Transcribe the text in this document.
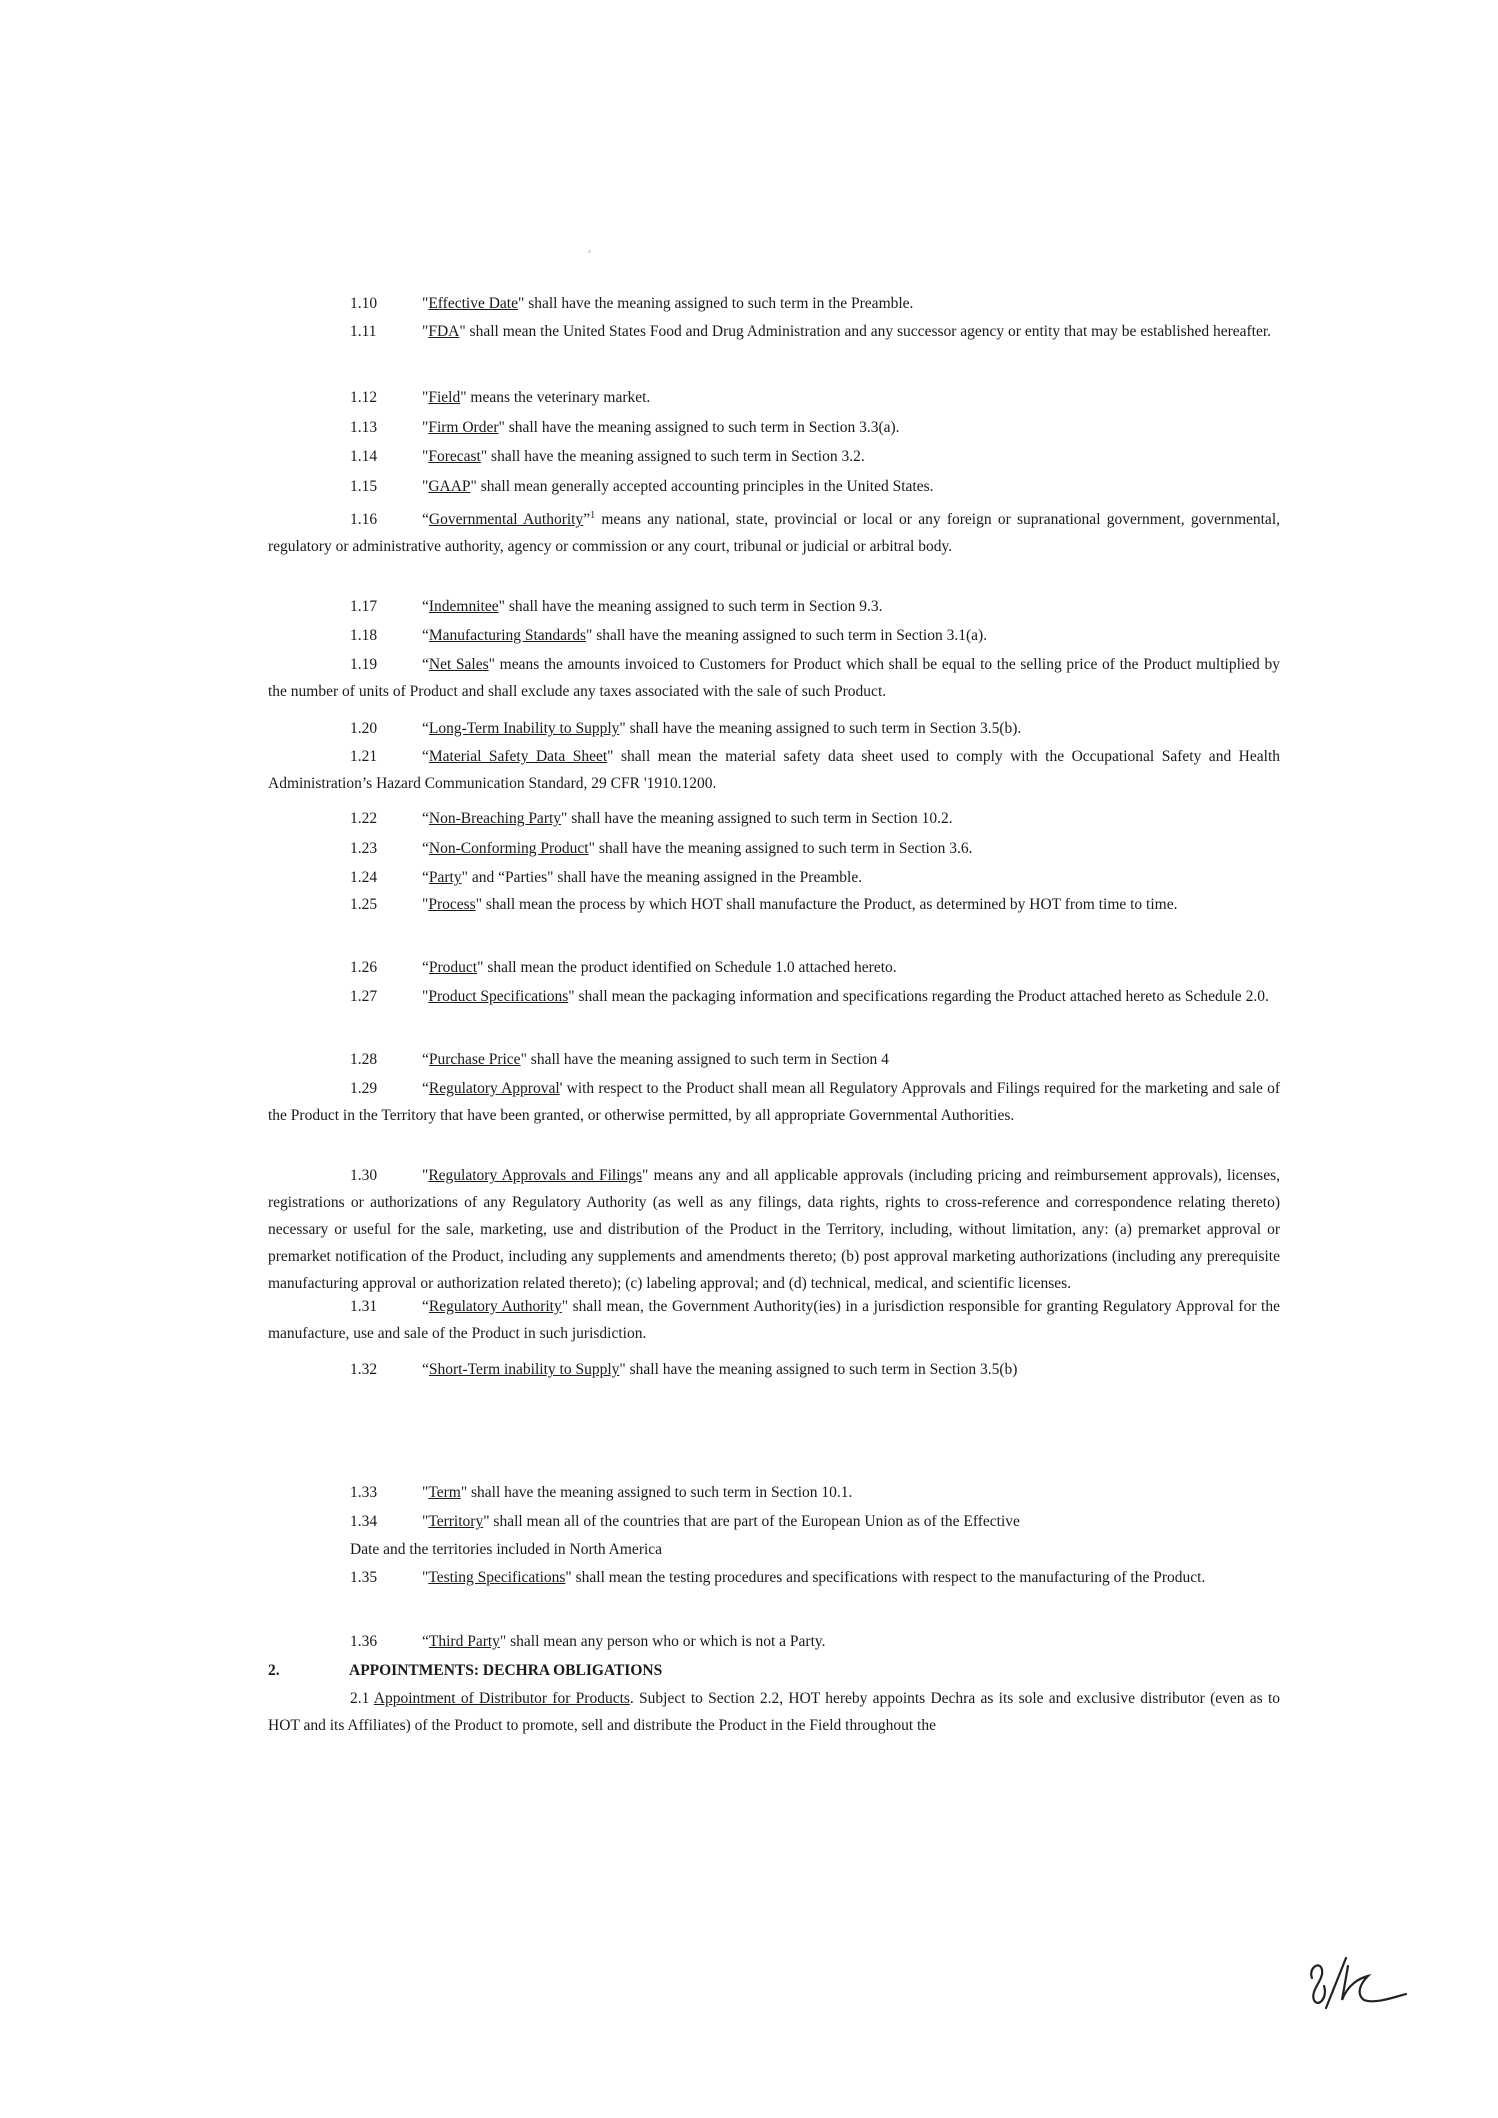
1.10	"Effective Date" shall have the meaning assigned to such term in the Preamble.
1.11	"FDA" shall mean the United States Food and Drug Administration and any successor agency or entity that may be established hereafter.
1.12	"Field" means the veterinary market.
1.13	"Firm Order" shall have the meaning assigned to such term in Section 3.3(a).
1.14	"Forecast" shall have the meaning assigned to such term in Section 3.2.
1.15	"GAAP" shall mean generally accepted accounting principles in the United States.
1.16	“Governmental Authority”$^1$ means any national, state, provincial or local or any foreign or supranational government, governmental, regulatory or administrative authority, agency or commission or any court, tribunal or judicial or arbitral body.
1.17	“Indemnitee" shall have the meaning assigned to such term in Section 9.3.
1.18	“Manufacturing Standards" shall have the meaning assigned to such term in Section 3.1(a).
1.19	“Net Sales" means the amounts invoiced to Customers for Product which shall be equal to the selling price of the Product multiplied by the number of units of Product and shall exclude any taxes associated with the sale of such Product.
1.20	“Long-Term Inability to Supply" shall have the meaning assigned to such term in Section 3.5(b).
1.21	“Material Safety Data Sheet" shall mean the material safety data sheet used to comply with the Occupational Safety and Health Administration’s Hazard Communication Standard, 29 CFR '1910.1200.
1.22	“Non-Breaching Party" shall have the meaning assigned to such term in Section 10.2.
1.23	“Non-Conforming Product" shall have the meaning assigned to such term in Section 3.6.
1.24	“Party" and “Parties" shall have the meaning assigned in the Preamble.
1.25	"Process" shall mean the process by which HOT shall manufacture the Product, as determined by HOT from time to time.
1.26	“Product" shall mean the product identified on Schedule 1.0 attached hereto.
1.27	"Product Specifications" shall mean the packaging information and specifications regarding the Product attached hereto as Schedule 2.0.
1.28	“Purchase Price" shall have the meaning assigned to such term in Section 4
1.29	“Regulatory Approval' with respect to the Product shall mean all Regulatory Approvals and Filings required for the marketing and sale of the Product in the Territory that have been granted, or otherwise permitted, by all appropriate Governmental Authorities.
1.30	"Regulatory Approvals and Filings" means any and all applicable approvals (including pricing and reimbursement approvals), licenses, registrations or authorizations of any Regulatory Authority (as well as any filings, data rights, rights to cross-reference and correspondence relating thereto) necessary or useful for the sale, marketing, use and distribution of the Product in the Territory, including, without limitation, any: (a) premarket approval or premarket notification of the Product, including any supplements and amendments thereto; (b) post approval marketing authorizations (including any prerequisite manufacturing approval or authorization related thereto); (c) labeling approval; and (d) technical, medical, and scientific licenses.
1.31	“Regulatory Authority" shall mean, the Government Authority(ies) in a jurisdiction responsible for granting Regulatory Approval for the manufacture, use and sale of the Product in such jurisdiction.
1.32	“Short-Term inability to Supply" shall have the meaning assigned to such term in Section 3.5(b)
1.33	"Term" shall have the meaning assigned to such term in Section 10.1.
1.34	"Territory" shall mean all of the countries that are part of the European Union as of the Effective
Date and the territories included in North America
1.35	"Testing Specifications" shall mean the testing procedures and specifications with respect to the manufacturing of the Product.
1.36	“Third Party" shall mean any person who or which is not a Party.
2.	APPOINTMENTS: DECHRA OBLIGATIONS
2.1 Appointment of Distributor for Products. Subject to Section 2.2, HOT hereby appoints Dechra as its sole and exclusive distributor (even as to HOT and its Affiliates) of the Product to promote, sell and distribute the Product in the Field throughout the
